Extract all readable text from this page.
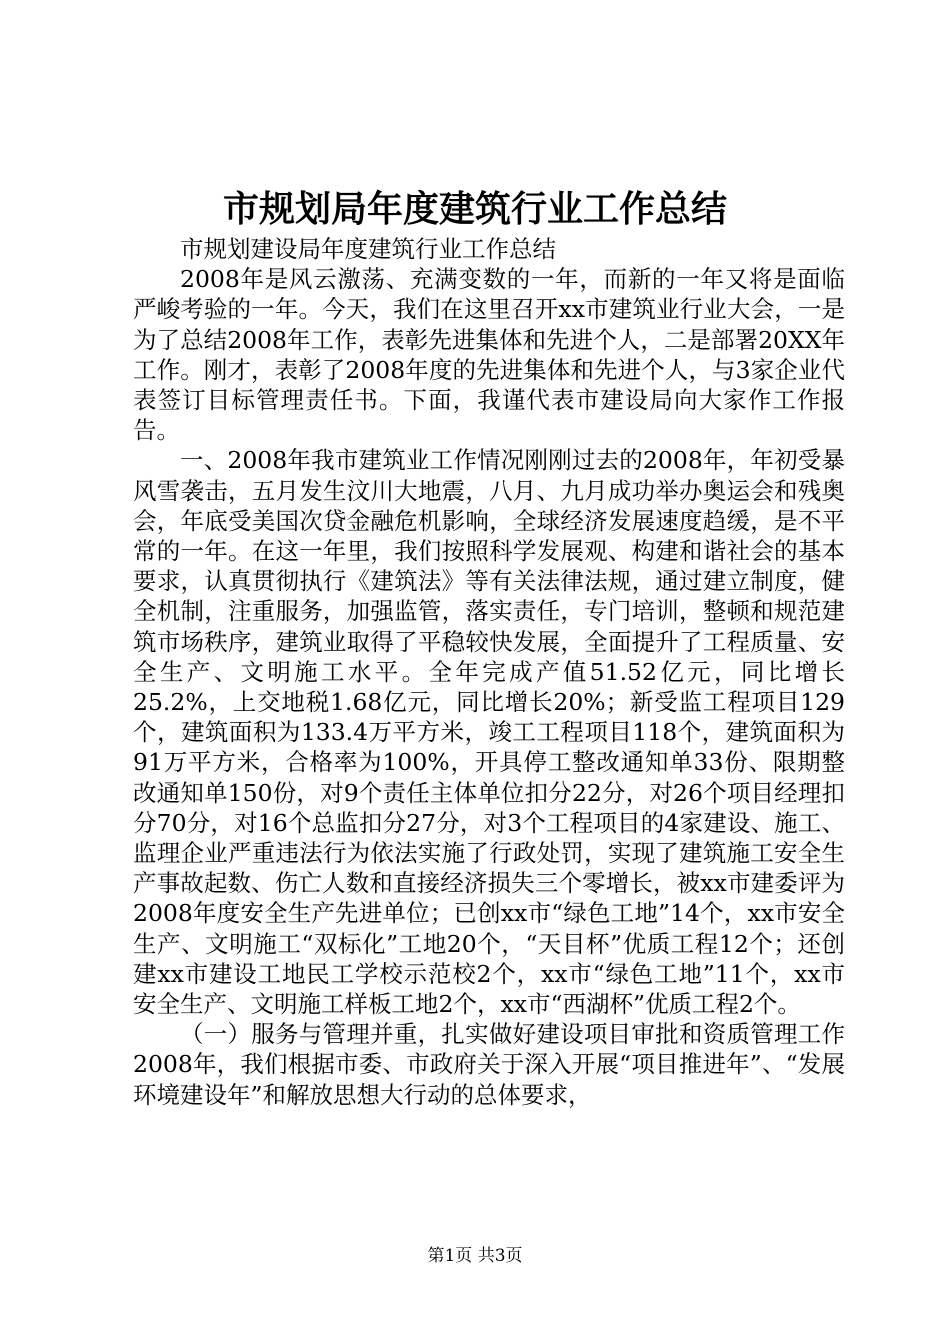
市规划局年度建筑行业工作总结

市规划建设局年度建筑行业工作总结

2008年是风云激荡、充满变数的一年，而新的一年又将是面临严峻考验的一年。今天，我们在这里召开xx市建筑业行业大会，一是为了总结2008年工作，表彰先进集体和先进个人，二是部署20XX年工作。刚才，表彰了2008年度的先进集体和先进个人，与3家企业代表签订目标管理责任书。下面，我谨代表市建设局向大家作工作报告。

一、2008年我市建筑业工作情况刚刚过去的2008年，年初受暴风雪袭击，五月发生汶川大地震，八月、九月成功举办奥运会和残奥会，年底受美国次贷金融危机影响，全球经济发展速度趋缓，是不平常的一年。在这一年里，我们按照科学发展观、构建和谐社会的基本要求，认真贯彻执行《建筑法》等有关法律法规，通过建立制度，健全机制，注重服务，加强监管，落实责任，专门培训，整顿和规范建筑市场秩序，建筑业取得了平稳较快发展，全面提升了工程质量、安全生产、文明施工水平。全年完成产值51.52亿元，同比增长25.2%，上交地税1.68亿元，同比增长20%；新受监工程项目129个，建筑面积为133.4万平方米，竣工工程项目118个，建筑面积为91万平方米，合格率为100%，开具停工整改通知单33份、限期整改通知单150份，对9个责任主体单位扣分22分，对26个项目经理扣分70分，对16个总监扣分27分，对3个工程项目的4家建设、施工、监理企业严重违法行为依法实施了行政处罚，实现了建筑施工安全生产事故起数、伤亡人数和直接经济损失三个零增长，被xx市建委评为2008年度安全生产先进单位；已创xx市“绿色工地”14个，xx市安全生产、文明施工“双标化”工地20个，“天目杯”优质工程12个；还创建xx市建设工地民工学校示范校2个，xx市“绿色工地”11个，xx市安全生产、文明施工样板工地2个，xx市“西湖杯”优质工程2个。

（一）服务与管理并重，扎实做好建设项目审批和资质管理工作2008年，我们根据市委、市政府关于深入开展“项目推进年”、“发展环境建设年”和解放思想大行动的总体要求，

第1页 共3页
